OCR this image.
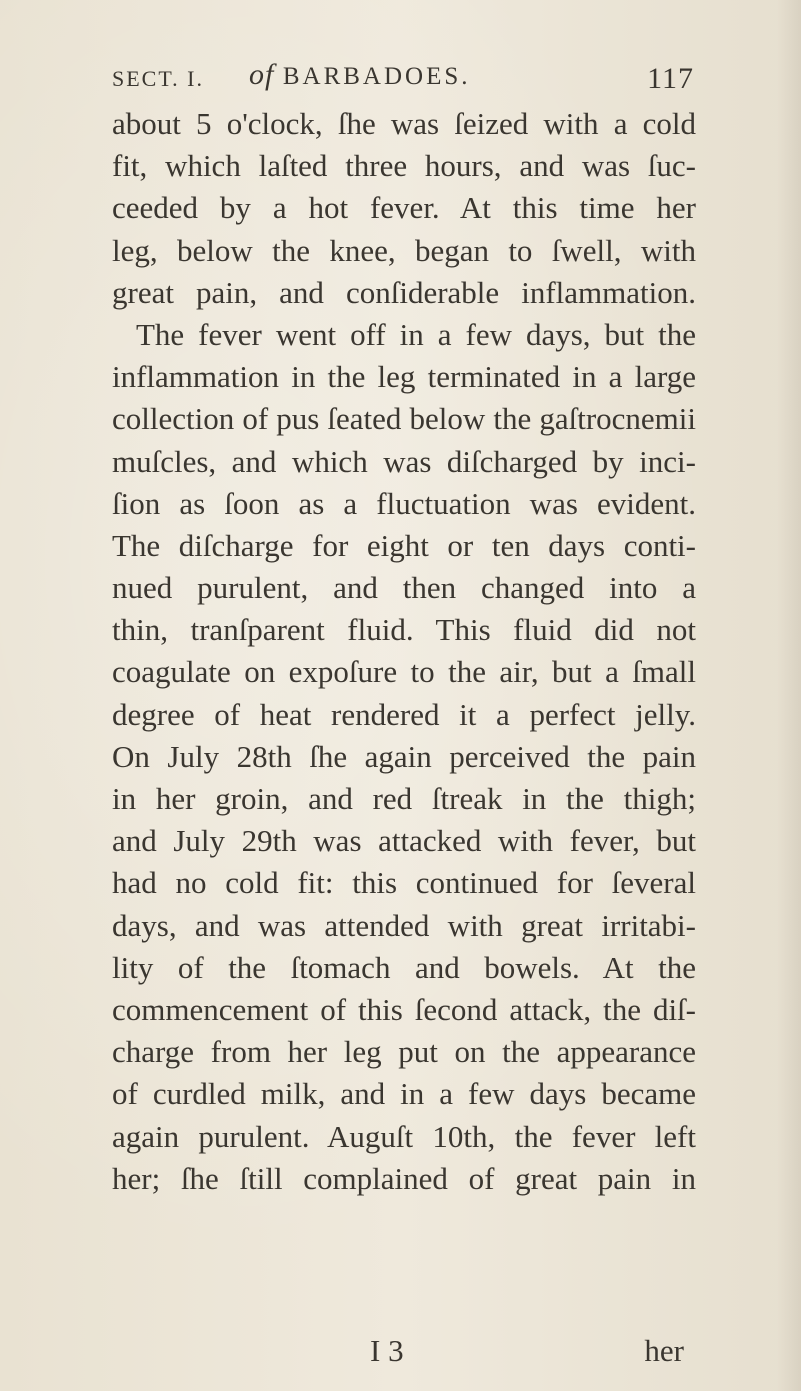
SECT. I. of BARBADOES.	117
about 5 o'clock, ſhe was ſeized with a cold
fit, which laſted three hours, and was ſuc-
ceeded by a hot fever. At this time her
leg, below the knee, began to ſwell, with
great pain, and conſiderable inflammation.
The fever went off in a few days, but the
inflammation in the leg terminated in a large
collection of pus ſeated below the gaſtrocnemii
muſcles, and which was diſcharged by inci-
ſion as ſoon as a fluctuation was evident.
The diſcharge for eight or ten days conti-
nued purulent, and then changed into a
thin, tranſparent fluid. This fluid did not
coagulate on expoſure to the air, but a ſmall
degree of heat rendered it a perfect jelly.
On July 28th ſhe again perceived the pain
in her groin, and red ſtreak in the thigh;
and July 29th was attacked with fever, but
had no cold fit: this continued for ſeveral
days, and was attended with great irritabi-
lity of the ſtomach and bowels. At the
commencement of this ſecond attack, the diſ-
charge from her leg put on the appearance
of curdled milk, and in a few days became
again purulent. Auguſt 10th, the fever left
her; ſhe ſtill complained of great pain in
I 3	her
